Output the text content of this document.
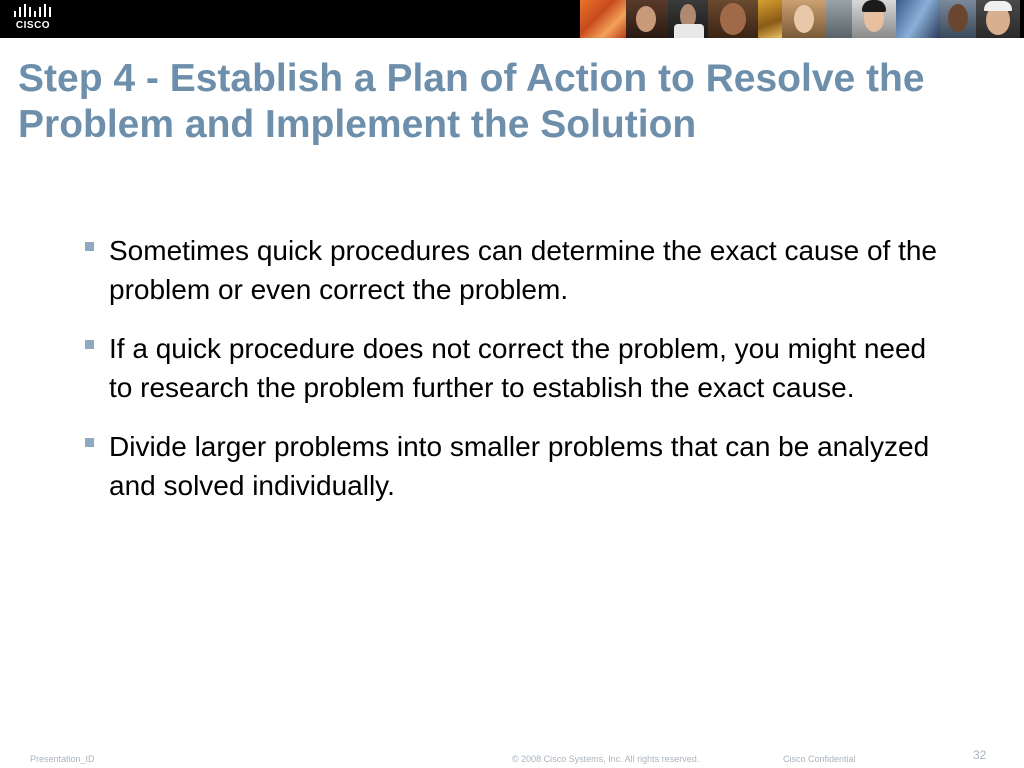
CISCO
Step 4 - Establish a Plan of Action to Resolve the Problem and Implement the Solution
Sometimes quick procedures can determine the exact cause of the problem or even correct the problem.
If a quick procedure does not correct the problem, you might need to research the problem further to establish the exact cause.
Divide larger problems into smaller problems that can be analyzed and solved individually.
Presentation_ID	© 2008 Cisco Systems, Inc. All rights reserved.	Cisco Confidential	32
